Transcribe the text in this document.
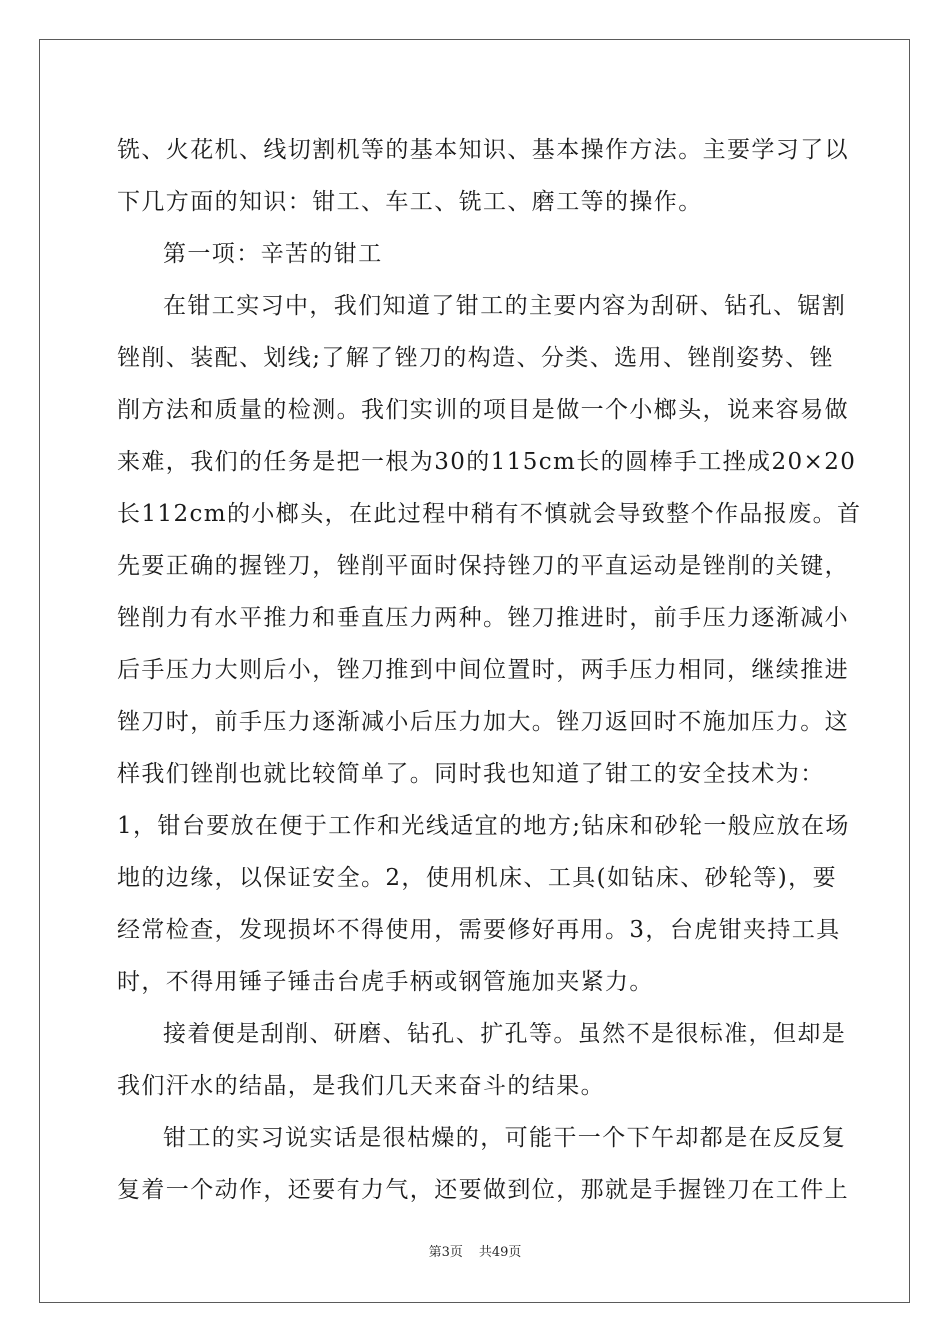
铣、火花机、线切割机等的基本知识、基本操作方法。主要学习了以
下几方面的知识：钳工、车工、铣工、磨工等的操作。
第一项：辛苦的钳工
在钳工实习中，我们知道了钳工的主要内容为刮研、钻孔、锯割
锉削、装配、划线;了解了锉刀的构造、分类、选用、锉削姿势、锉
削方法和质量的检测。我们实训的项目是做一个小榔头，说来容易做
来难，我们的任务是把一根为30的115cm长的圆棒手工挫成20×20
长112cm的小榔头，在此过程中稍有不慎就会导致整个作品报废。首
先要正确的握锉刀，锉削平面时保持锉刀的平直运动是锉削的关键，
锉削力有水平推力和垂直压力两种。锉刀推进时，前手压力逐渐减小
后手压力大则后小，锉刀推到中间位置时，两手压力相同，继续推进
锉刀时，前手压力逐渐减小后压力加大。锉刀返回时不施加压力。这
样我们锉削也就比较简单了。同时我也知道了钳工的安全技术为：
1，钳台要放在便于工作和光线适宜的地方;钻床和砂轮一般应放在场
地的边缘，以保证安全。2，使用机床、工具(如钻床、砂轮等)，要
经常检查，发现损坏不得使用，需要修好再用。3，台虎钳夹持工具
时，不得用锤子锤击台虎手柄或钢管施加夹紧力。
接着便是刮削、研磨、钻孔、扩孔等。虽然不是很标准，但却是
我们汗水的结晶，是我们几天来奋斗的结果。
钳工的实习说实话是很枯燥的，可能干一个下午却都是在反反复
复着一个动作，还要有力气，还要做到位，那就是手握锉刀在工件上
第3页 共49页
